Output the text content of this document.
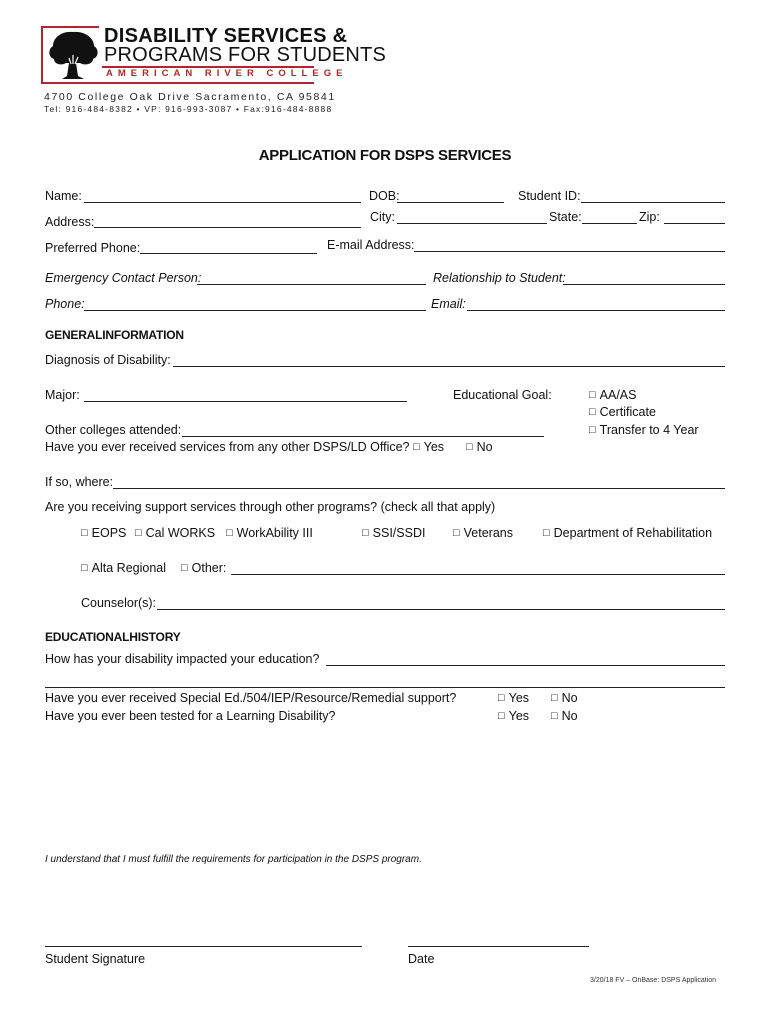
DISABILITY SERVICES &
PROGRAMS FOR STUDENTS
AMERICAN RIVER COLLEGE
4700 College Oak Drive Sacramento, CA 95841
Tel: 916-484-8382 • VP: 916-993-3087 • Fax:916-484-8888
APPLICATION FOR DSPS SERVICES
Name:	DOB:	Student ID:
Address:	City:	State:	Zip:
Preferred Phone:	E-mail Address:
Emergency Contact Person:	Relationship to Student:
Phone:	Email:
GENERALINFORMATION
Diagnosis of Disability:
Major:	Educational Goal:	□ AA/AS
□ Certificate
□ Transfer to 4 Year
Other colleges attended:
Have you ever received services from any other DSPS/LD Office?	□ Yes	□ No
If so, where:
Are you receiving support services through other programs? (check all that apply)
□ EOPS	□ Cal WORKS	□ WorkAbility III	□ SSI/SSDI	□ Veterans	□ Department of Rehabilitation
□ Alta Regional	□ Other:
Counselor(s):
EDUCATIONALHISTORY
How has your disability impacted your education?
Have you ever received Special Ed./504/IEP/Resource/Remedial support?	□ Yes	□ No
Have you ever been tested for a Learning Disability?	□ Yes	□ No
I understand that I must fulfill the requirements for participation in the DSPS program.
Student Signature	Date
3/20/18 FV – OnBase: DSPS Application
